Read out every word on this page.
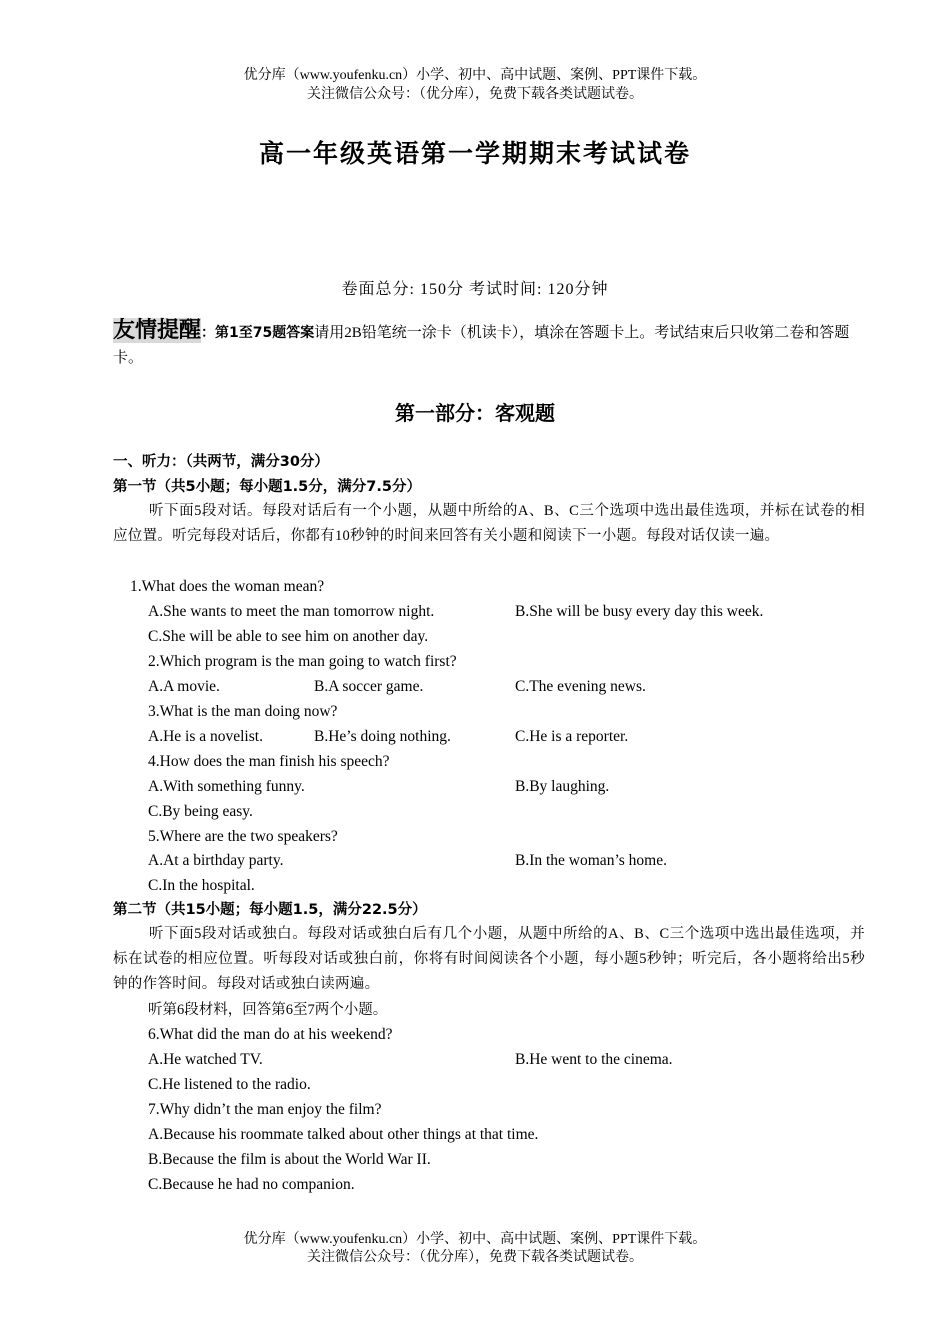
优分库（www.youfenku.cn）小学、初中、高中试题、案例、PPT课件下载。
关注微信公众号：（优分库），免费下载各类试题试卷。
高一年级英语第一学期期末考试试卷
卷面总分: 150分 考试时间: 120分钟
友情提醒：第1至75题答案请用2B铅笔统一涂卡（机读卡），填涂在答题卡上。考试结束后只收第二卷和答题卡。
第一部分：客观题
一、听力：（共两节，满分30分）
第一节（共5小题；每小题1.5分，满分7.5分）
听下面5段对话。每段对话后有一个小题，从题中所给的A、B、C三个选项中选出最佳选项，并标在试卷的相应位置。听完每段对话后，你都有10秒钟的时间来回答有关小题和阅读下一小题。每段对话仅读一遍。
1.What does the woman mean?
A.She wants to meet the man tomorrow night.	B.She will be busy every day this week.
C.She will be able to see him on another day.
2.Which program is the man going to watch first?
A.A movie.	B.A soccer game.	C.The evening news.
3.What is the man doing now?
A.He is a novelist.	B.He’s doing nothing.	C.He is a reporter.
4.How does the man finish his speech?
A.With something funny.	B.By laughing.
C.By being easy.
5.Where are the two speakers?
A.At a birthday party.	B.In the woman’s home.
C.In the hospital.
第二节（共15小题；每小题1.5，满分22.5分）
听下面5段对话或独白。每段对话或独白后有几个小题，从题中所给的A、B、C三个选项中选出最佳选项，并标在试卷的相应位置。听每段对话或独白前，你将有时间阅读各个小题，每小题5秒钟；听完后，各小题将给出5秒钟的作答时间。每段对话或独白读两遍。
听第6段材料，回答第6至7两个小题。
6.What did the man do at his weekend?
A.He watched TV.	B.He went to the cinema.
C.He listened to the radio.
7.Why didn’t the man enjoy the film?
A.Because his roommate talked about other things at that time.
B.Because the film is about the World War II.
C.Because he had no companion.
优分库（www.youfenku.cn）小学、初中、高中试题、案例、PPT课件下载。
关注微信公众号：（优分库），免费下载各类试题试卷。
